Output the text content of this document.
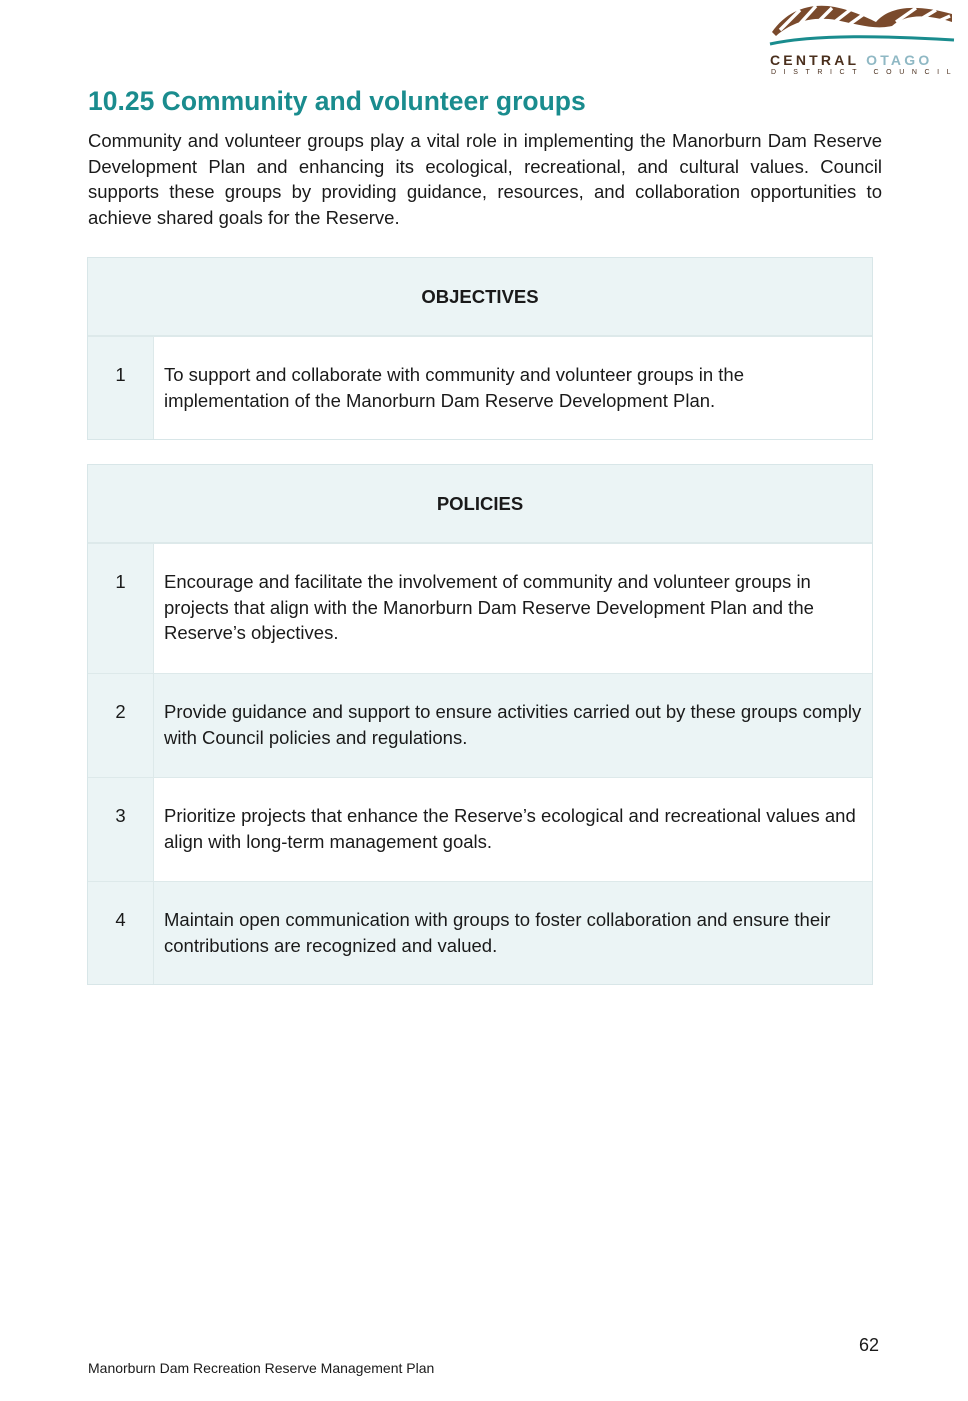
CENTRAL OTAGO
DISTRICT COUNCIL
10.25 Community and volunteer groups

Community and volunteer groups play a vital role in implementing the Manorburn Dam Reserve Development Plan and enhancing its ecological, recreational, and cultural values. Council supports these groups by providing guidance, resources, and collaboration opportunities to achieve shared goals for the Reserve.

OBJECTIVES
1	To support and collaborate with community and volunteer groups in the implementation of the Manorburn Dam Reserve Development Plan.
POLICIES
1	Encourage and facilitate the involvement of community and volunteer groups in projects that align with the Manorburn Dam Reserve Development Plan and the Reserve’s objectives.
2	Provide guidance and support to ensure activities carried out by these groups comply with Council policies and regulations.
3	Prioritize projects that enhance the Reserve’s ecological and recreational values and align with long-term management goals.
4	Maintain open communication with groups to foster collaboration and ensure their contributions are recognized and valued.
62
Manorburn Dam Recreation Reserve Management Plan
